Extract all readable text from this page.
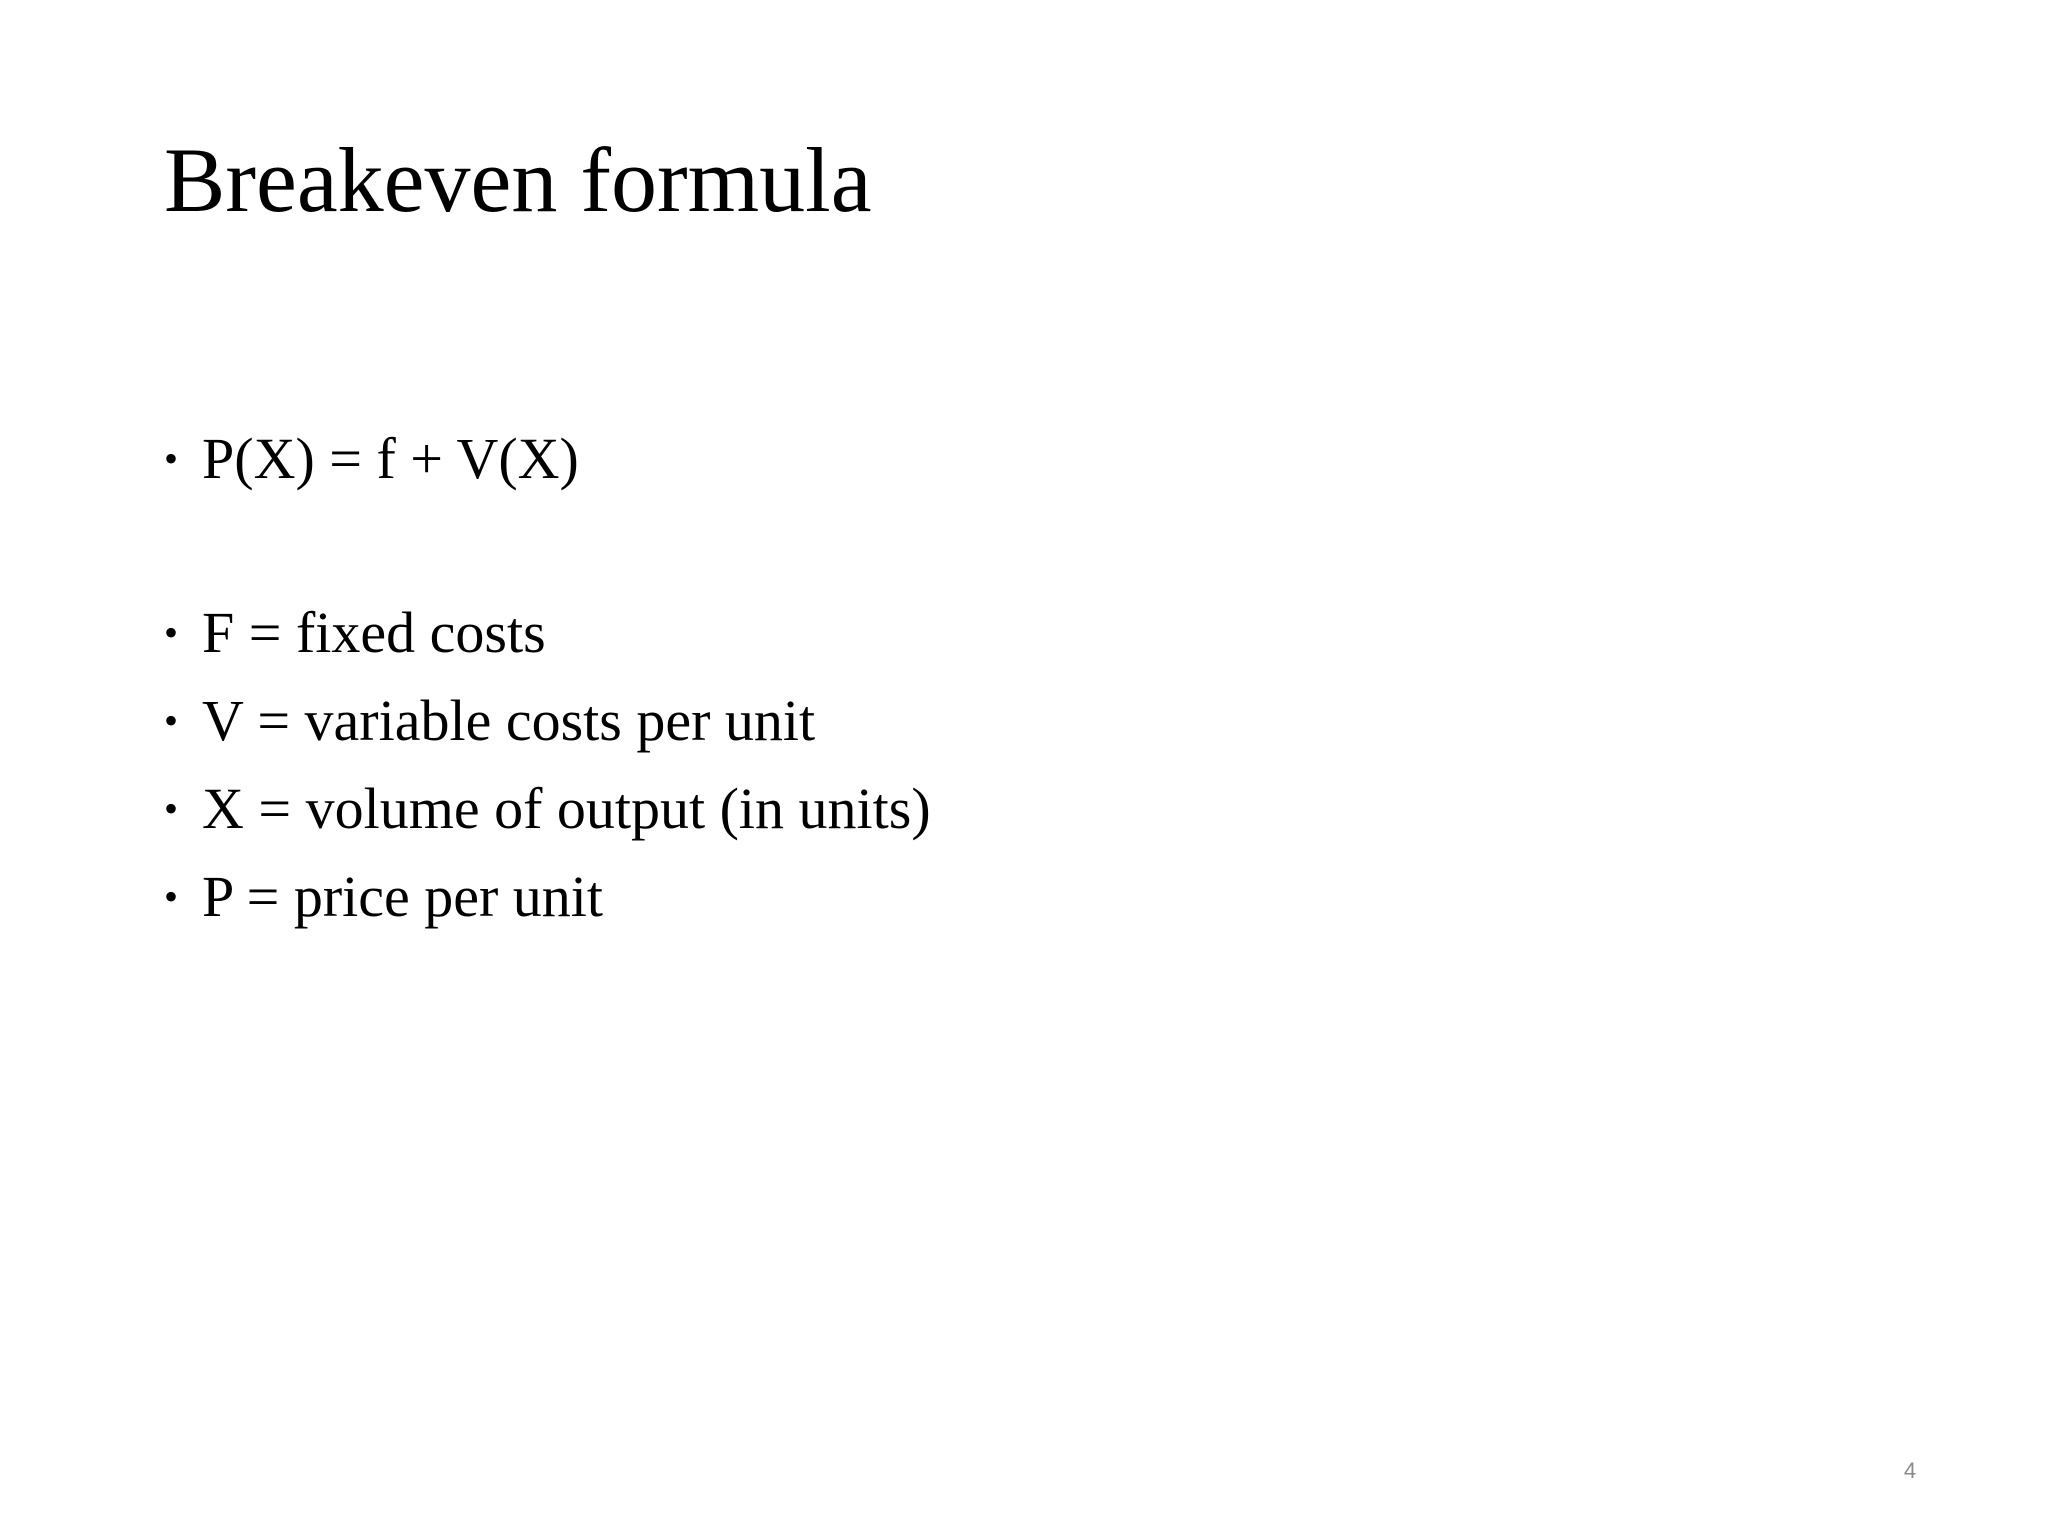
Breakeven formula
• P(X) = f + V(X)
• F = fixed costs
• V = variable costs per unit
• X = volume of output (in units)
• P = price per unit
4
